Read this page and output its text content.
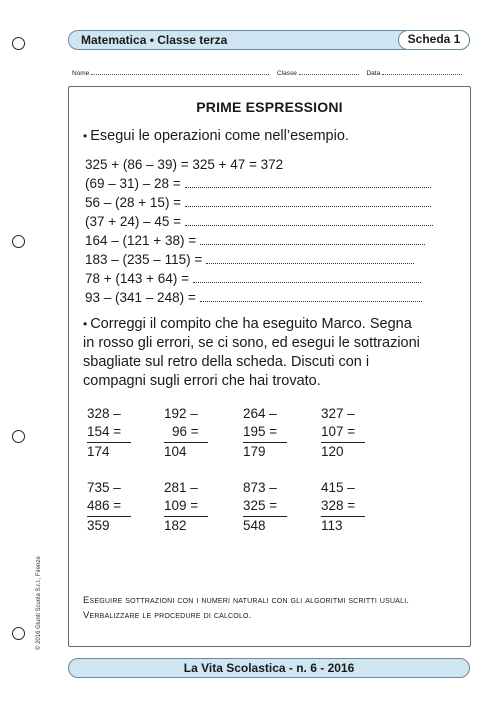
Matematica • Classe terza	Scheda 1
Nome	Classe	Data
PRIME ESPRESSIONI
• Esegui le operazioni come nell’esempio.
325 + (86 – 39) = 325 + 47 = 372
(69 – 31) – 28 =
56 – (28 + 15) =
(37 + 24) – 45 =
164 – (121 + 38) =
183 – (235 – 115) =
78 + (143 + 64) =
93 – (341 – 248) =
• Correggi il compito che ha eseguito Marco. Segna
in rosso gli errori, se ci sono, ed esegui le sottrazioni
sbagliate sul retro della scheda. Discuti con i
compagni sugli errori che hai trovato.
328 –
154 =
174
192 –
96 =
104
264 –
195 =
179
327 –
107 =
120
735 –
486 =
359
281 –
109 =
182
873 –
325 =
548
415 –
328 =
113
Eseguire sottrazioni con i numeri naturali con gli algoritmi scritti usuali.
Verbalizzare le procedure di calcolo.
La Vita Scolastica - n. 6 - 2016
© 2016 Giunti Scuola S.r.l., Firenze
